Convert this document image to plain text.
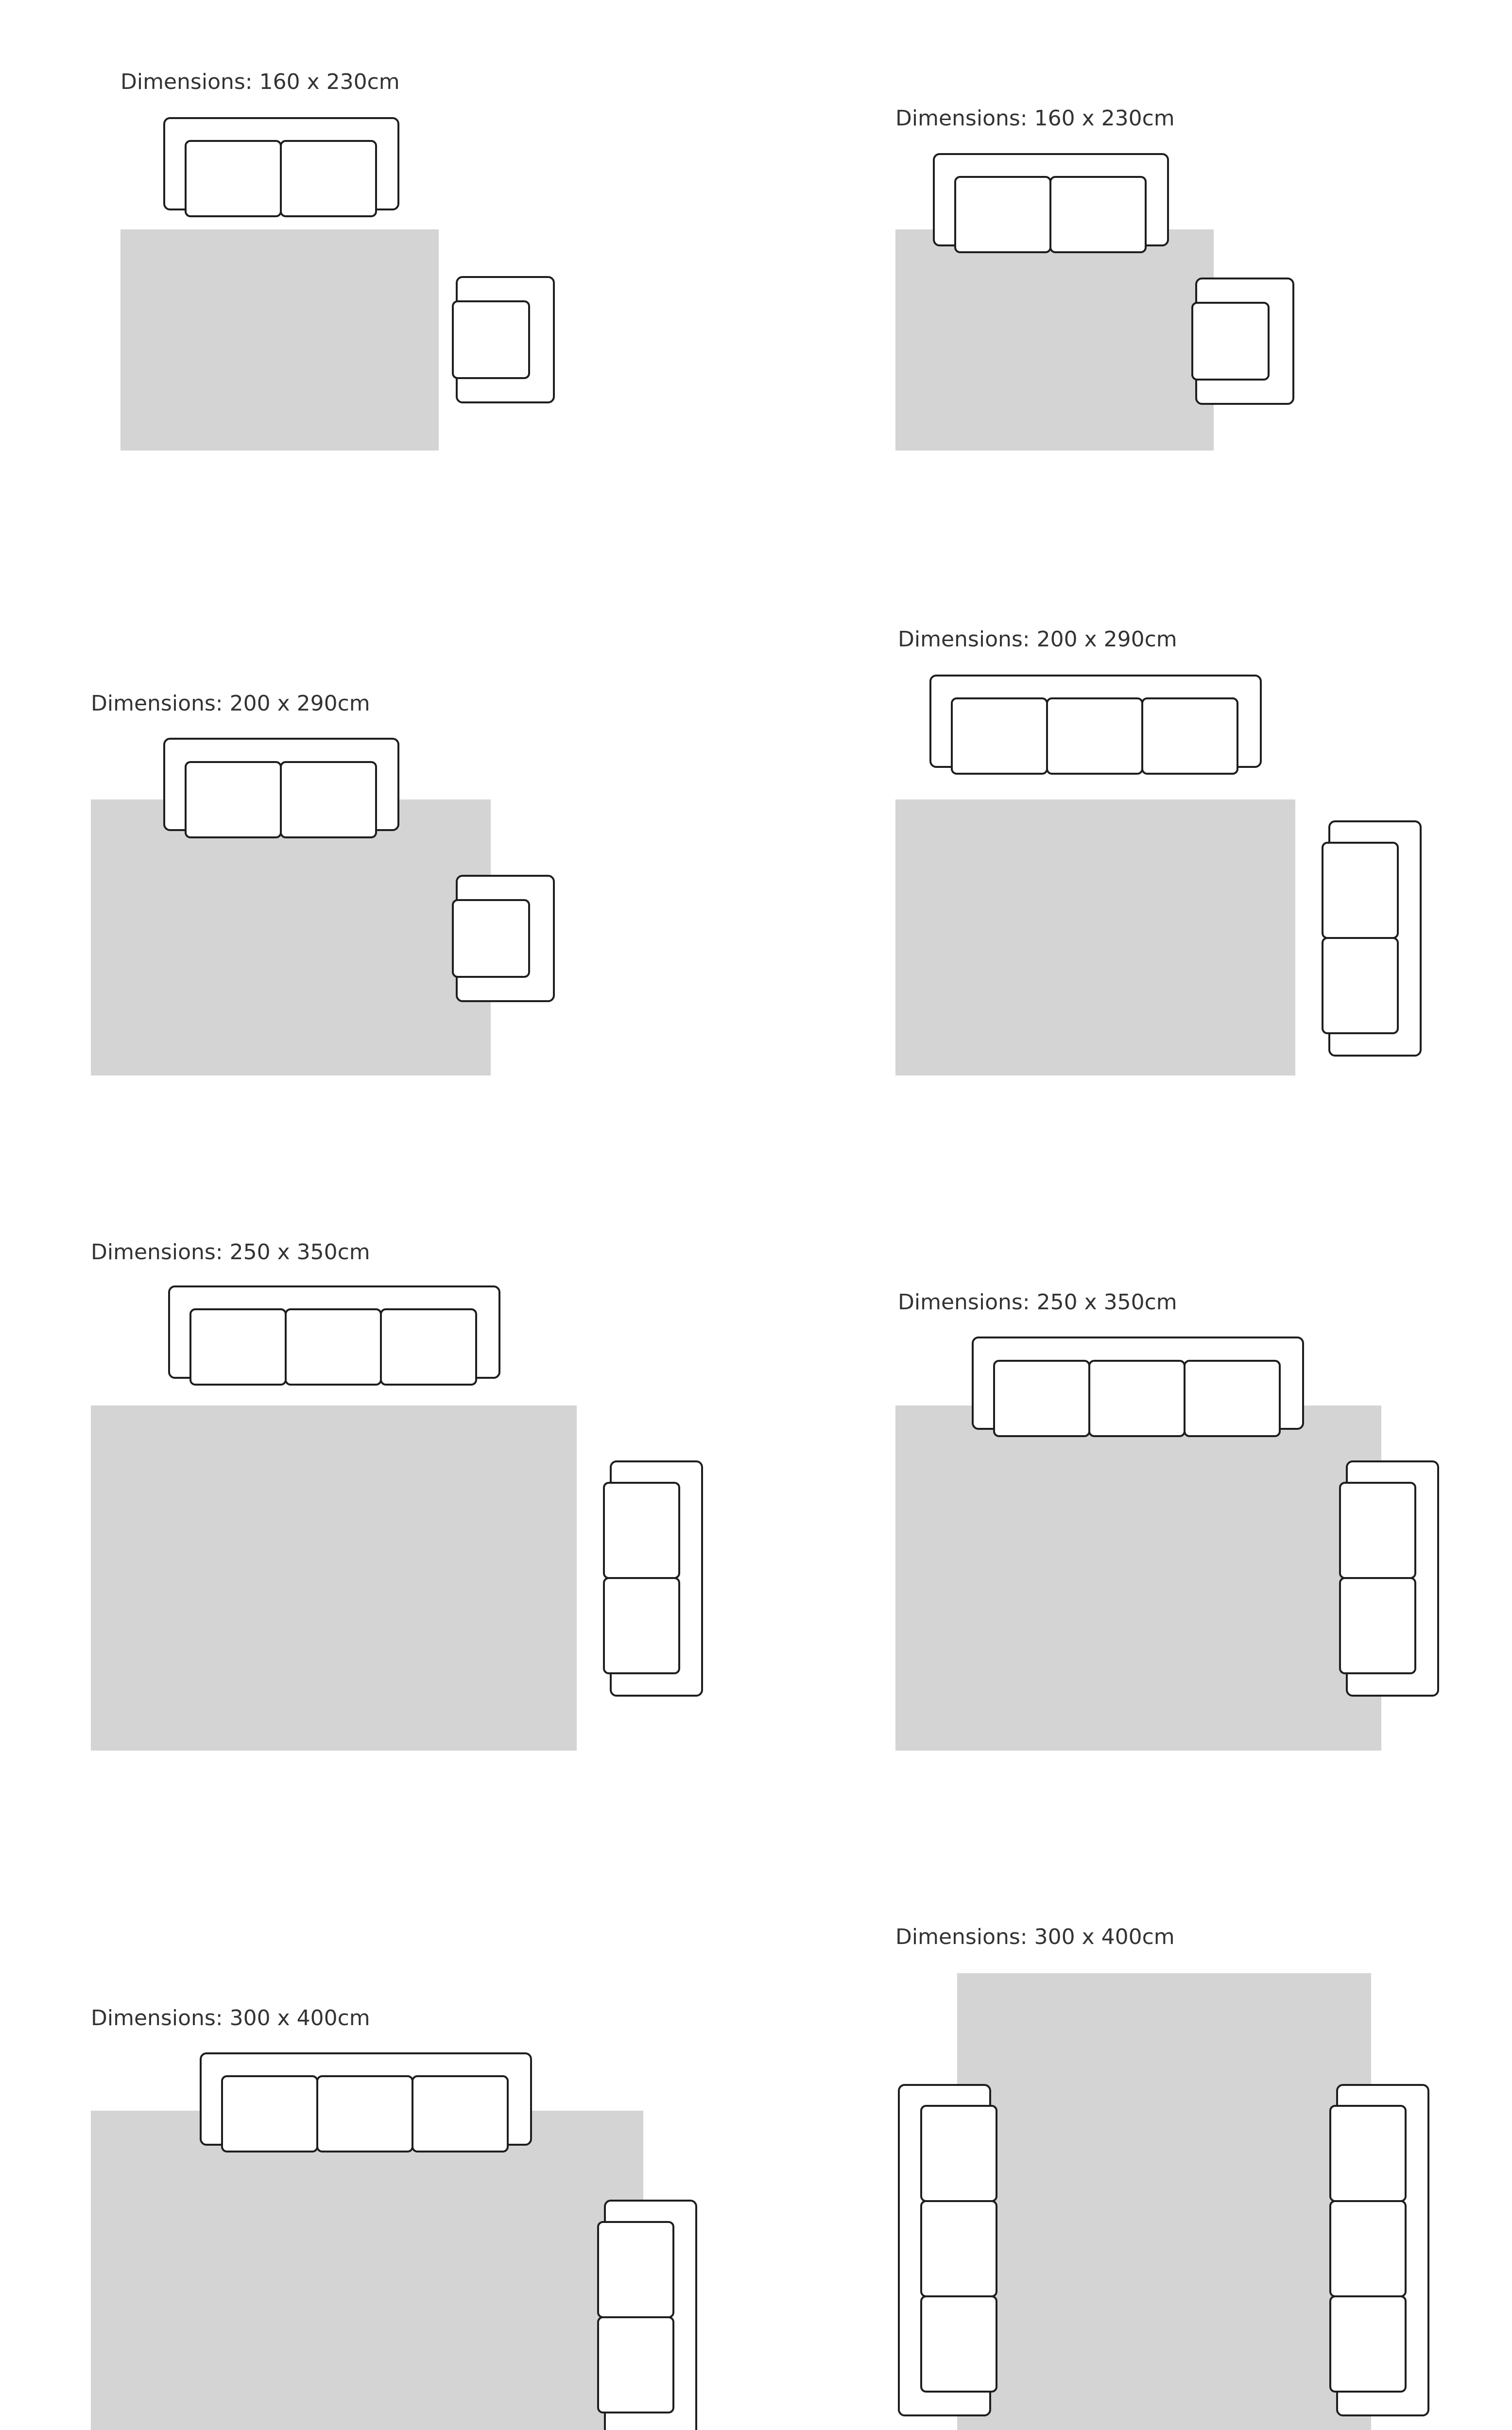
Dimensions: 160 x 230cm
Dimensions: 160 x 230cm
Dimensions: 200 x 290cm
Dimensions: 200 x 290cm
Dimensions: 250 x 350cm
Dimensions: 250 x 350cm
Dimensions: 300 x 400cm
Dimensions: 300 x 400cm
